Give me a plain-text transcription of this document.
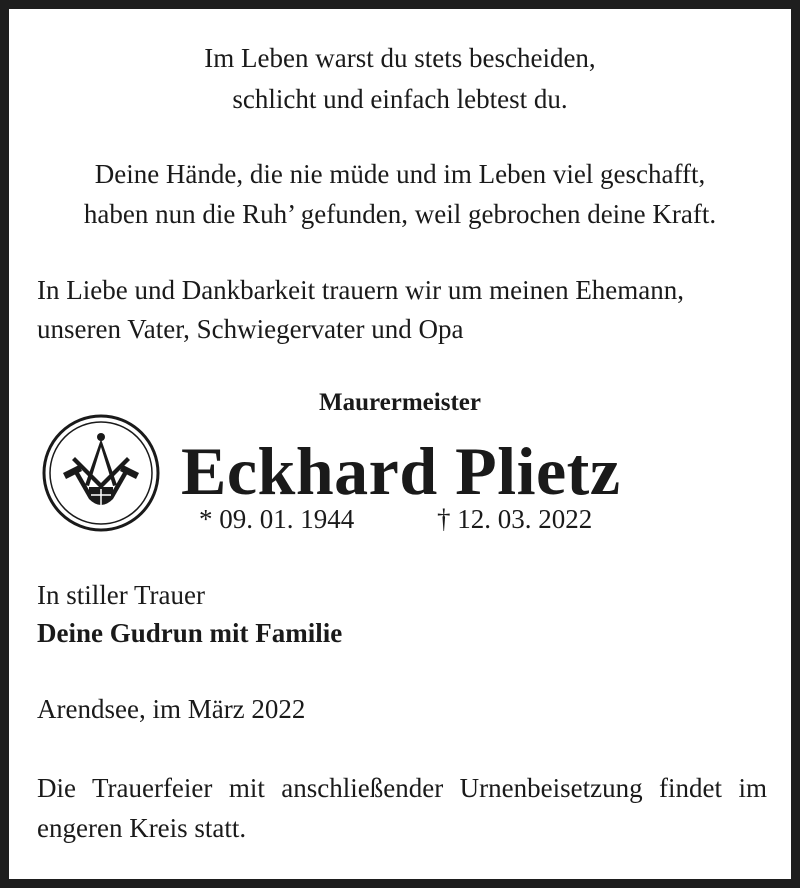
Im Leben warst du stets bescheiden,
schlicht und einfach lebtest du.
Deine Hände, die nie müde und im Leben viel geschafft,
haben nun die Ruh’ gefunden, weil gebrochen deine Kraft.
In Liebe und Dankbarkeit trauern wir um meinen Ehemann,
unseren Vater, Schwiegervater und Opa
Maurermeister
Eckhard Plietz
* 09. 01. 1944	† 12. 03. 2022
In stiller Trauer
Deine Gudrun mit Familie
Arendsee, im März 2022
Die Trauerfeier mit anschließender Urnenbeisetzung findet im engeren Kreis statt.
